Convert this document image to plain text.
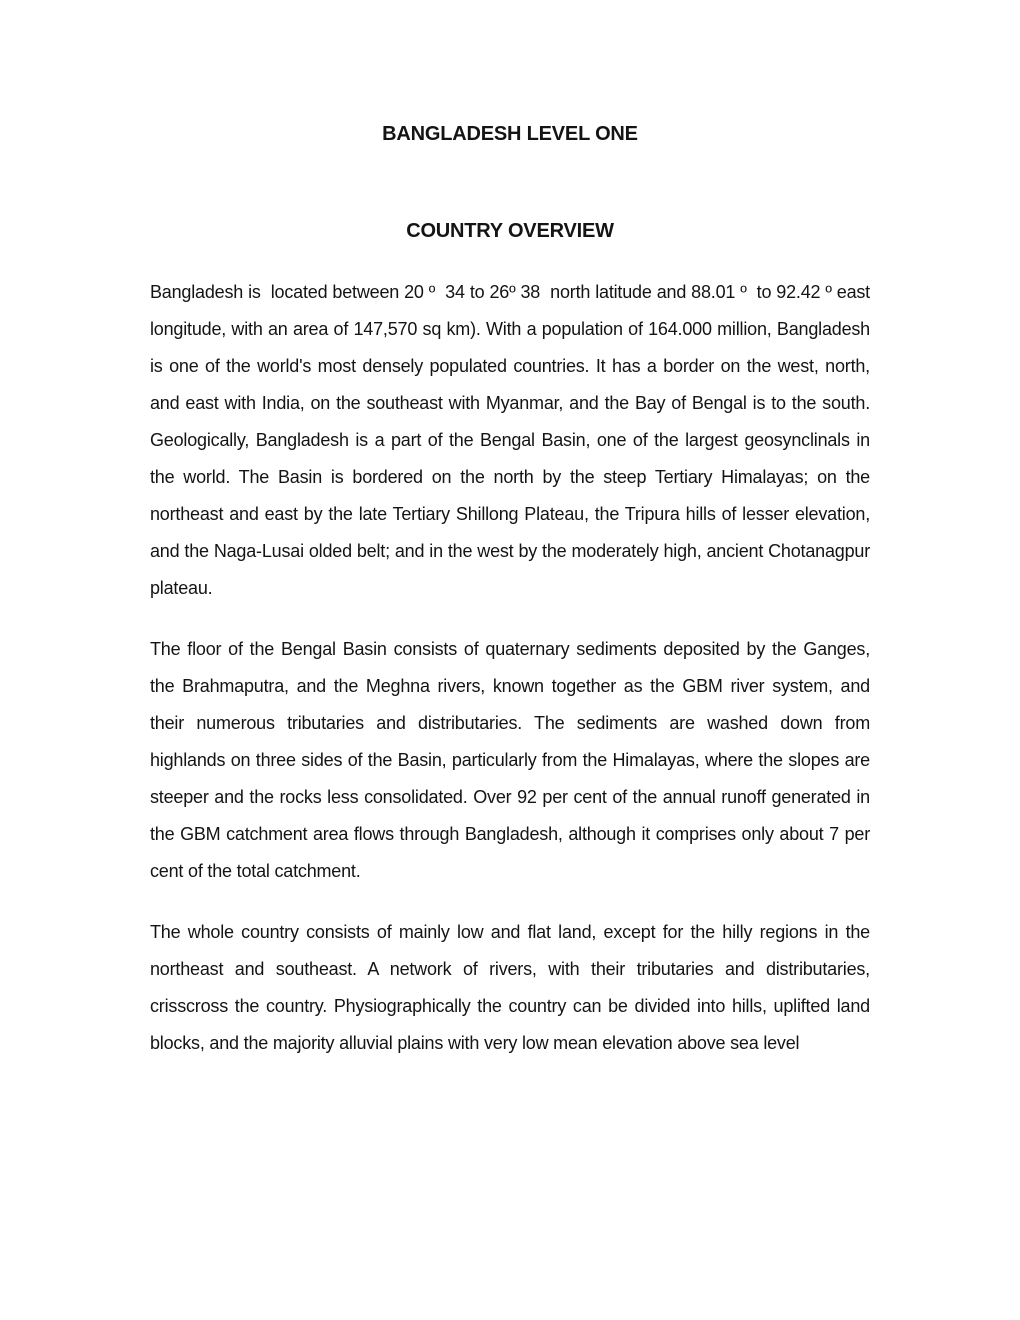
BANGLADESH LEVEL ONE
COUNTRY OVERVIEW

Bangladesh is  located between 20 º  34 to 26º 38  north latitude and 88.01 º  to 92.42 º east longitude, with an area of 147,570 sq km). With a population of 164.000 million, Bangladesh is one of the world's most densely populated countries. It has a border on the west, north, and east with India, on the southeast with Myanmar, and the Bay of Bengal is to the south. Geologically, Bangladesh is a part of the Bengal Basin, one of the largest geosynclinals in the world. The Basin is bordered on the north by the steep Tertiary Himalayas; on the northeast and east by the late Tertiary Shillong Plateau, the Tripura hills of lesser elevation, and the Naga-Lusai olded belt; and in the west by the moderately high, ancient Chotanagpur plateau.

The floor of the Bengal Basin consists of quaternary sediments deposited by the Ganges, the Brahmaputra, and the Meghna rivers, known together as the GBM river system, and their numerous tributaries and distributaries. The sediments are washed down from highlands on three sides of the Basin, particularly from the Himalayas, where the slopes are steeper and the rocks less consolidated. Over 92 per cent of the annual runoff generated in the GBM catchment area flows through Bangladesh, although it comprises only about 7 per cent of the total catchment.

The whole country consists of mainly low and flat land, except for the hilly regions in the northeast and southeast. A network of rivers, with their tributaries and distributaries, crisscross the country. Physiographically the country can be divided into hills, uplifted land blocks, and the majority alluvial plains with very low mean elevation above sea level
